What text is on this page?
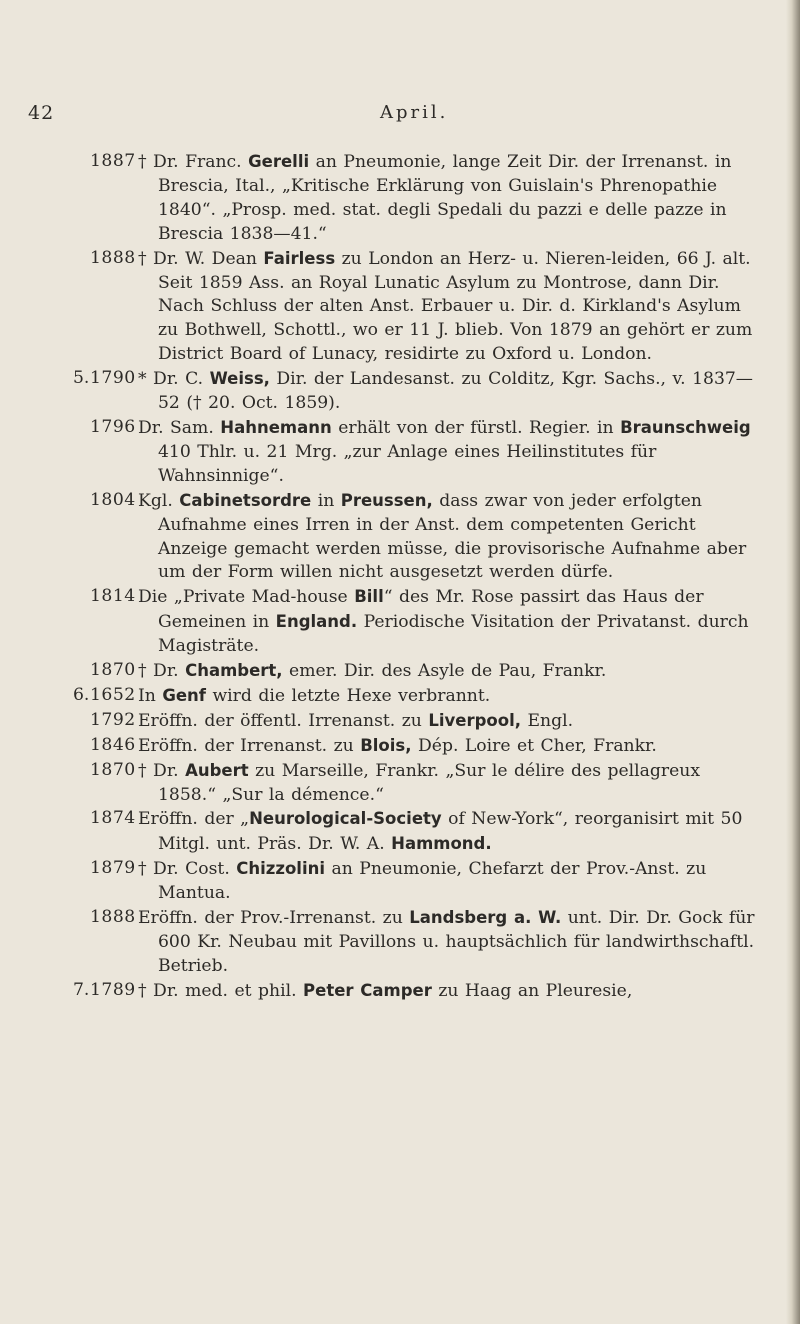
42	April.
1887 † Dr. Franc. Gerelli an Pneumonie, lange Zeit Dir. der Irrenanst. in Brescia, Ital., „Kritische Erklärung von Guislain's Phrenopathie 1840“. „Prosp. med. stat. degli Spedali du pazzi e delle pazze in Brescia 1838—41.“
1888 † Dr. W. Dean Fairless zu London an Herz- u. Nieren-leiden, 66 J. alt. Seit 1859 Ass. an Royal Lunatic Asylum zu Montrose, dann Dir. Nach Schluss der alten Anst. Erbauer u. Dir. d. Kirkland's Asylum zu Bothwell, Schottl., wo er 11 J. blieb. Von 1879 an gehört er zum District Board of Lunacy, residirte zu Oxford u. London.
5. 1790 * Dr. C. Weiss, Dir. der Landesanst. zu Colditz, Kgr. Sachs., v. 1837—52 († 20. Oct. 1859).
1796 Dr. Sam. Hahnemann erhält von der fürstl. Regier. in Braunschweig 410 Thlr. u. 21 Mrg. „zur Anlage eines Heilinstitutes für Wahnsinnige“.
1804 Kgl. Cabinetsordre in Preussen, dass zwar von jeder erfolgten Aufnahme eines Irren in der Anst. dem competenten Gericht Anzeige gemacht werden müsse, die provisorische Aufnahme aber um der Form willen nicht ausgesetzt werden dürfe.
1814 Die „Private Mad-house Bill“ des Mr. Rose passirt das Haus der Gemeinen in England. Periodische Visitation der Privatanst. durch Magisträte.
1870 † Dr. Chambert, emer. Dir. des Asyle de Pau, Frankr.
6. 1652 In Genf wird die letzte Hexe verbrannt.
1792 Eröffn. der öffentl. Irrenanst. zu Liverpool, Engl.
1846 Eröffn. der Irrenanst. zu Blois, Dép. Loire et Cher, Frankr.
1870 † Dr. Aubert zu Marseille, Frankr. „Sur le délire des pellagreux 1858.“ „Sur la démence.“
1874 Eröffn. der „Neurological-Society of New-York“, reorganisirt mit 50 Mitgl. unt. Präs. Dr. W. A. Hammond.
1879 † Dr. Cost. Chizzolini an Pneumonie, Chefarzt der Prov.-Anst. zu Mantua.
1888 Eröffn. der Prov.-Irrenanst. zu Landsberg a. W. unt. Dir. Dr. Gock für 600 Kr. Neubau mit Pavillons u. hauptsächlich für landwirthschaftl. Betrieb.
7. 1789 † Dr. med. et phil. Peter Camper zu Haag an Pleuresie,
